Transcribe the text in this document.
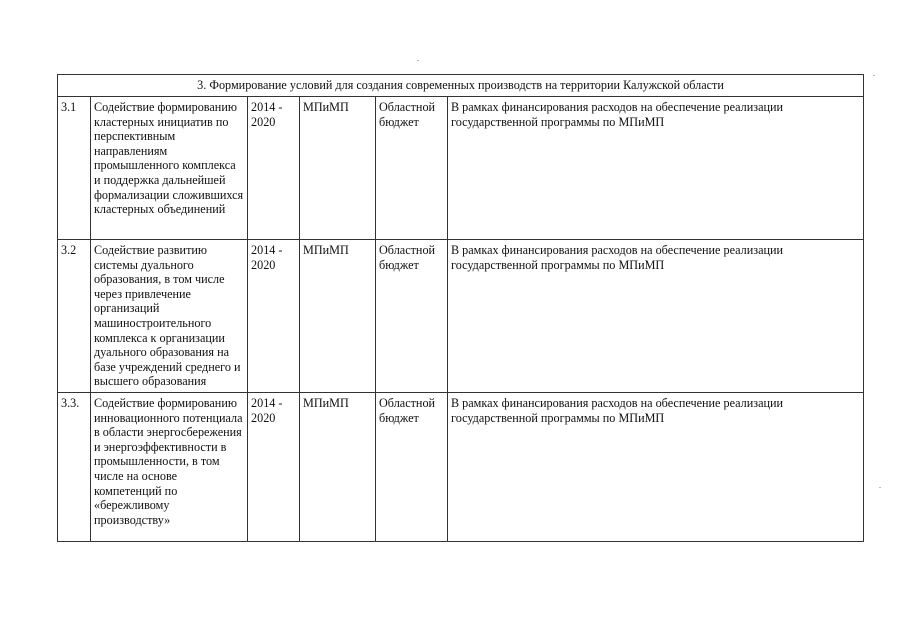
3. Формирование условий для создания современных производств на территории Калужской области					
3.1	Содействие формированию кластерных инициатив по перспективным направлениям промышленного комплекса и поддержка дальнейшей формализации сложившихся кластерных объединений	2014 - 2020	МПиМП	Областной бюджет	В рамках финансирования расходов на обеспечение реализации государственной программы по МПиМП
3.2	Содействие развитию системы дуального образования, в том числе через привлечение организаций машиностроительного комплекса к организации дуального образования на базе учреждений среднего и высшего образования	2014 - 2020	МПиМП	Областной бюджет	В рамках финансирования расходов на обеспечение реализации государственной программы по МПиМП
3.3.	Содействие формированию инновационного потенциала в области энергосбережения и энергоэффективности в промышленности, в том числе на основе компетенций по «бережливому производству»	2014 - 2020	МПиМП	Областной бюджет	В рамках финансирования расходов на обеспечение реализации государственной программы по МПиМП
